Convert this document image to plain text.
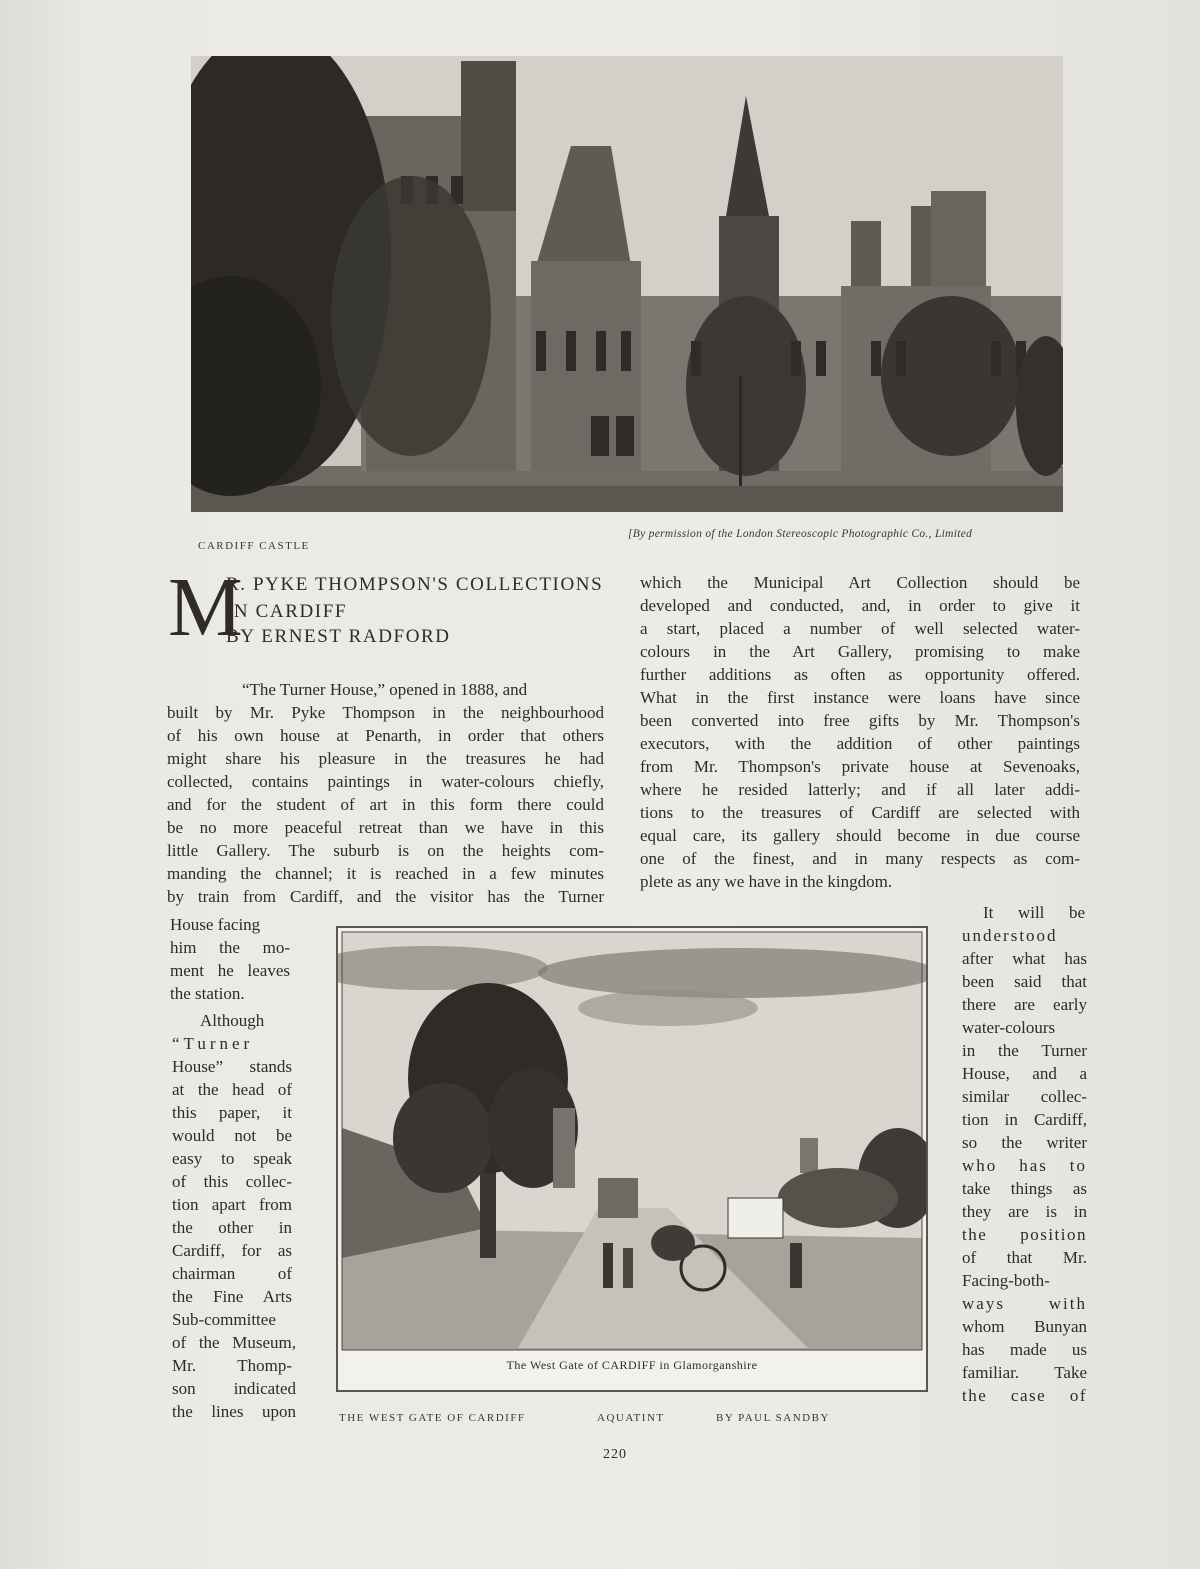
CARDIFF CASTLE
[By permission of the London Stereoscopic Photographic Co., Limited
M
R. PYKE THOMPSON'S COLLECTIONS
IN CARDIFF
BY ERNEST RADFORD
“The Turner House,” opened in 1888, and
built by Mr. Pyke Thompson in the neighbourhood
of his own house at Penarth, in order that others
might share his pleasure in the treasures he had
collected, contains paintings in water-colours chiefly,
and for the student of art in this form there could
be no more peaceful retreat than we have in this
little Gallery. The suburb is on the heights com-
manding the channel; it is reached in a few minutes
by train from Cardiff, and the visitor has the Turner
which the Municipal Art Collection should be
developed and conducted, and, in order to give it
a start, placed a number of well selected water-
colours in the Art Gallery, promising to make
further additions as often as opportunity offered.
What in the first instance were loans have since
been converted into free gifts by Mr. Thompson's
executors, with the addition of other paintings
from Mr. Thompson's private house at Sevenoaks,
where he resided latterly; and if all later addi-
tions to the treasures of Cardiff are selected with
equal care, its gallery should become in due course
one of the finest, and in many respects as com-
plete as any we have in the kingdom.
House facing
him the mo-
ment he leaves
the station.
Although
“Turner
House” stands
at the head of
this paper, it
would not be
easy to speak
of this collec-
tion apart from
the other in
Cardiff, for as
chairman of
the Fine Arts
Sub-committee
of the Museum,
Mr. Thomp-
son indicated
the lines upon
It will be
understood
after what has
been said that
there are early
water-colours
in the Turner
House, and a
similar collec-
tion in Cardiff,
so the writer
who has to
take things as
they are is in
the position
of that Mr.
Facing-both-
ways with
whom Bunyan
has made us
familiar. Take
the case of
The West Gate of CARDIFF in Glamorganshire
THE WEST GATE OF CARDIFF	AQUATINT	BY PAUL SANDBY
220
